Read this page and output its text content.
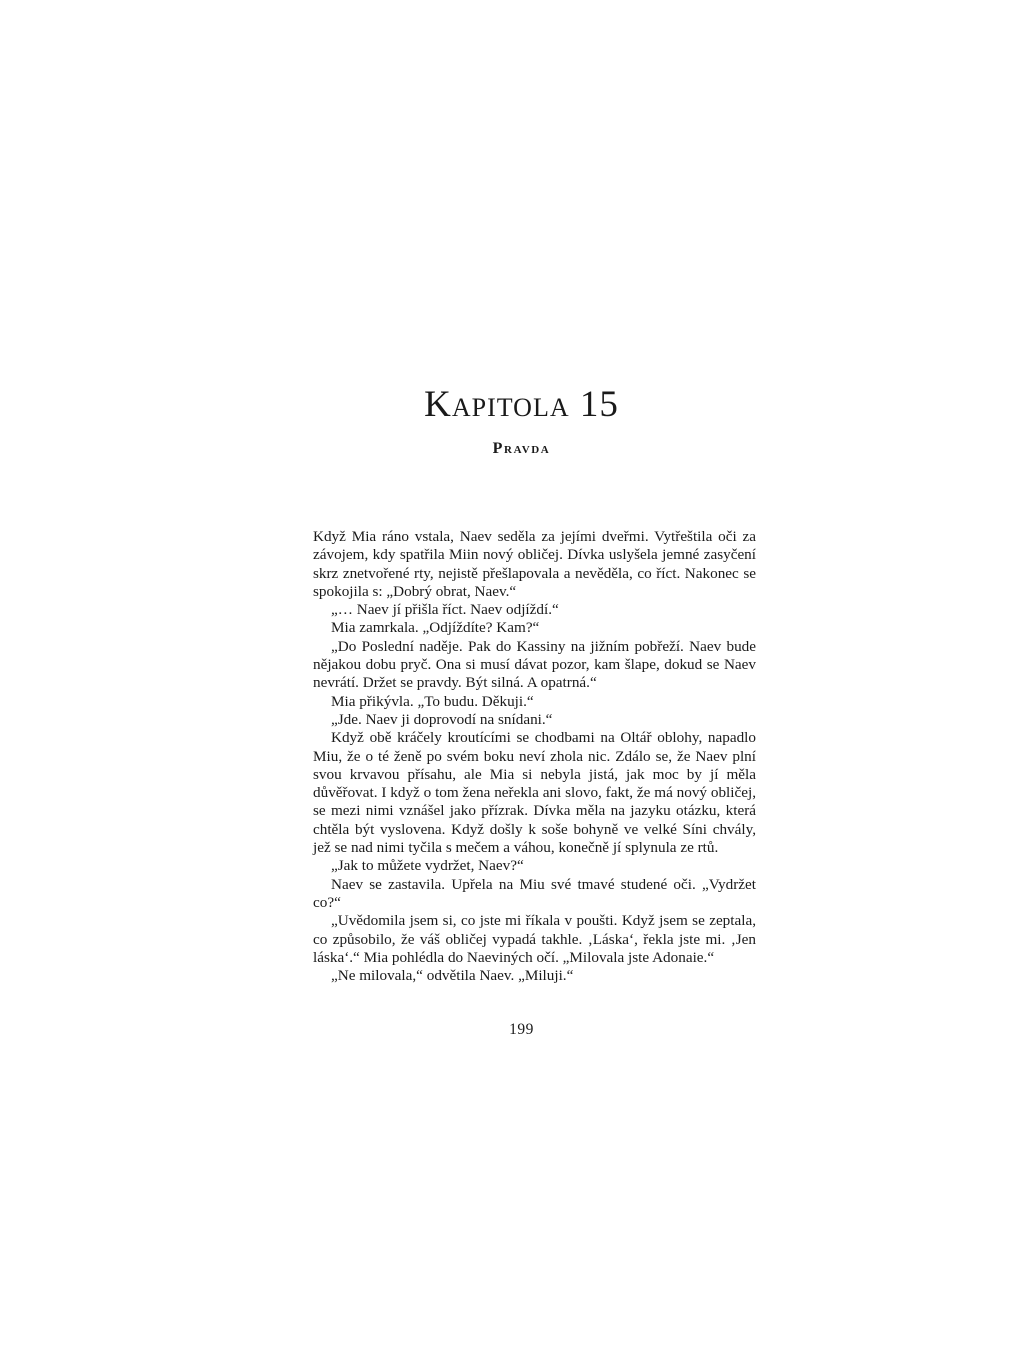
Kapitola 15
Pravda

Když Mia ráno vstala, Naev seděla za jejími dveřmi. Vytřeštila oči za závojem, kdy spatřila Miin nový obličej. Dívka uslyšela jemné zasyčení skrz znetvořené rty, nejistě přešlapovala a nevěděla, co říct. Nakonec se spokojila s: „Dobrý obrat, Naev.“

„… Naev jí přišla říct. Naev odjíždí.“

Mia zamrkala. „Odjíždíte? Kam?“

„Do Poslední naděje. Pak do Kassiny na jižním pobřeží. Naev bude nějakou dobu pryč. Ona si musí dávat pozor, kam šlape, dokud se Naev nevrátí. Držet se pravdy. Být silná. A opatrná.“

Mia přikývla. „To budu. Děkuji.“

„Jde. Naev ji doprovodí na snídani.“

Když obě kráčely kroutícími se chodbami na Oltář oblohy, napadlo Miu, že o té ženě po svém boku neví zhola nic. Zdálo se, že Naev plní svou krvavou přísahu, ale Mia si nebyla jistá, jak moc by jí měla důvěřovat. I když o tom žena neřekla ani slovo, fakt, že má nový obličej, se mezi nimi vznášel jako přízrak. Dívka měla na jazyku otázku, která chtěla být vyslovena. Když došly k soše bohyně ve velké Síni chvály, jež se nad nimi tyčila s mečem a váhou, konečně jí splynula ze rtů.

„Jak to můžete vydržet, Naev?“

Naev se zastavila. Upřela na Miu své tmavé studené oči. „Vydržet co?“

„Uvědomila jsem si, co jste mi říkala v poušti. Když jsem se zeptala, co způsobilo, že váš obličej vypadá takhle. ‚Láska‘, řekla jste mi. ‚Jen láska‘.“ Mia pohlédla do Naeviných očí. „Milovala jste Adonaie.“

„Ne milovala,“ odvětila Naev. „Miluji.“

199
